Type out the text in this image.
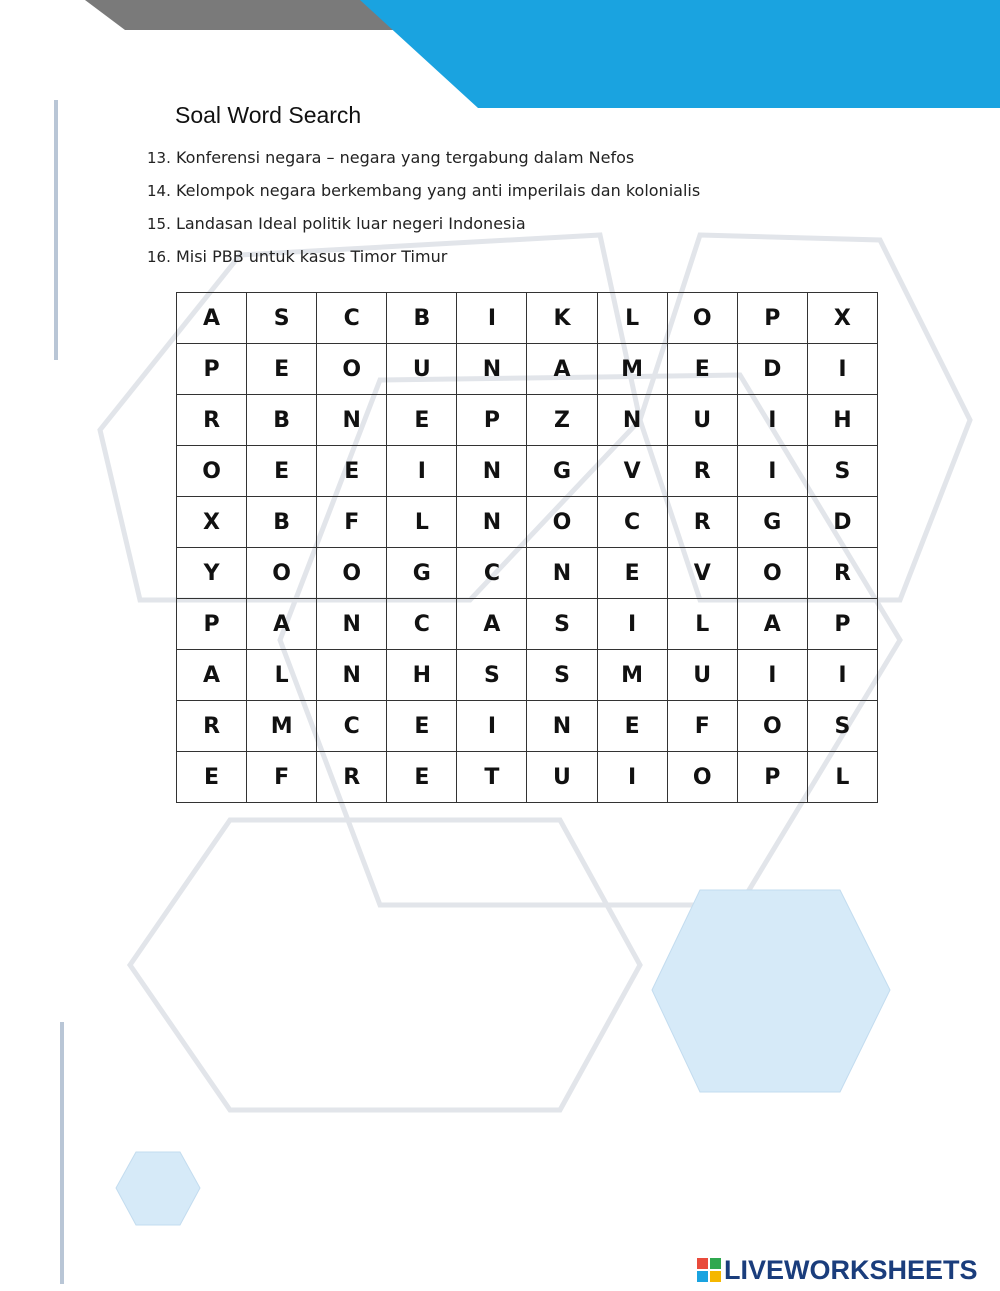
Soal Word Search
13. Konferensi negara – negara yang tergabung dalam Nefos
14. Kelompok negara berkembang yang anti imperilais dan kolonialis
15. Landasan Ideal politik luar negeri Indonesia
16. Misi PBB untuk kasus Timor Timur
A	S	C	B	I	K	L	O	P	X
P	E	O	U	N	A	M	E	D	I
R	B	N	E	P	Z	N	U	I	H
O	E	E	I	N	G	V	R	I	S
X	B	F	L	N	O	C	R	G	D
Y	O	O	G	C	N	E	V	O	R
P	A	N	C	A	S	I	L	A	P
A	L	N	H	S	S	M	U	I	I
R	M	C	E	I	N	E	F	O	S
E	F	R	E	T	U	I	O	P	L
LIVEWORKSHEETS
